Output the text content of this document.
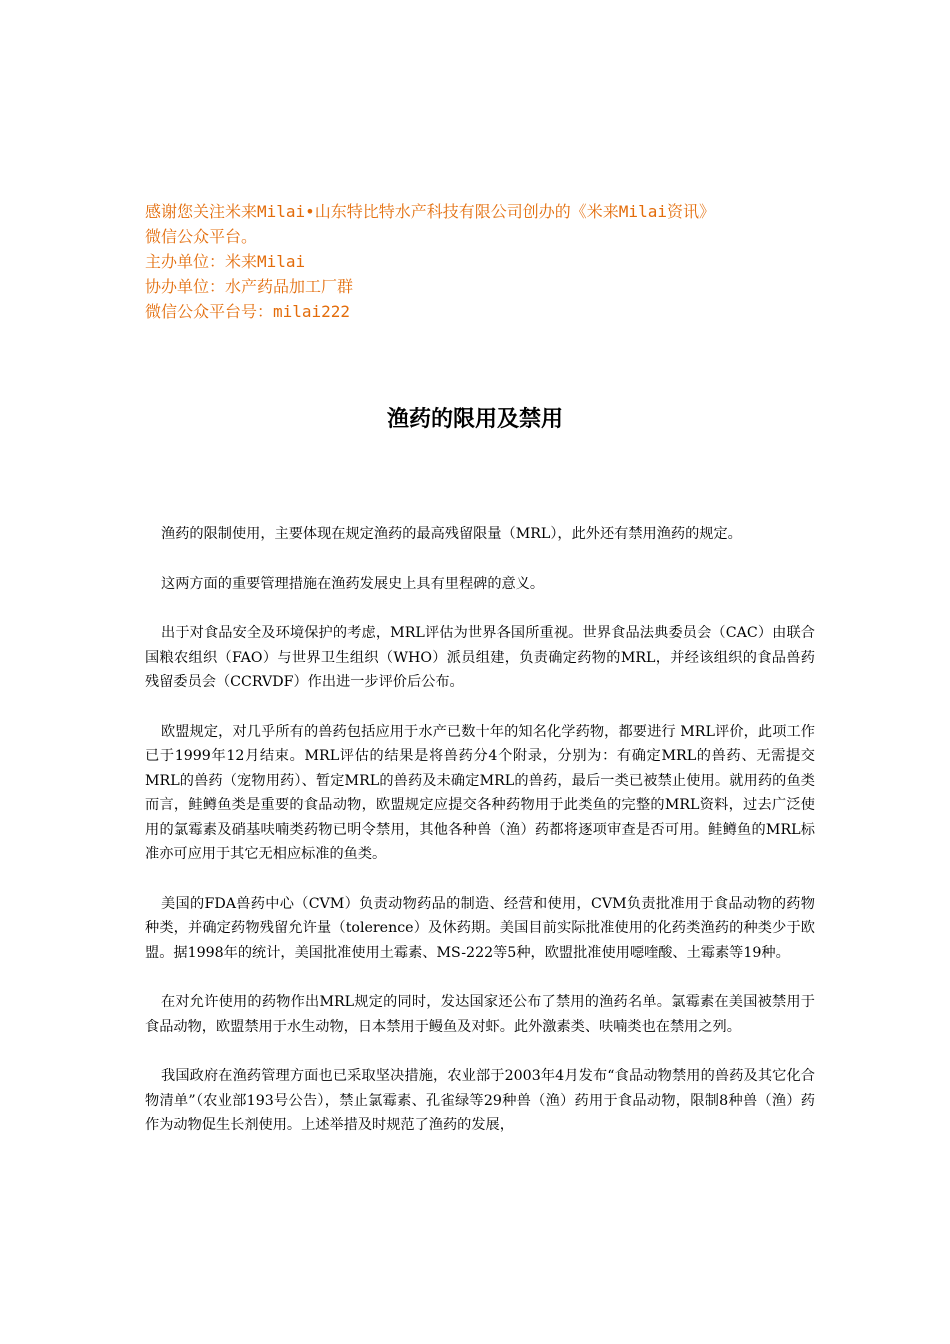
感谢您关注米来Milai•山东特比特水产科技有限公司创办的《米来Milai资讯》
微信公众平台。
主办单位：米来Milai
协办单位：水产药品加工厂群
微信公众平台号：milai222
渔药的限用及禁用

渔药的限制使用，主要体现在规定渔药的最高残留限量（MRL），此外还有禁用渔药的规定。

这两方面的重要管理措施在渔药发展史上具有里程碑的意义。

出于对食品安全及环境保护的考虑，MRL评估为世界各国所重视。世界食品法典委员会（CAC）由联合国粮农组织（FAO）与世界卫生组织（WHO）派员组建，负责确定药物的MRL，并经该组织的食品兽药残留委员会（CCRVDF）作出进一步评价后公布。

欧盟规定，对几乎所有的兽药包括应用于水产已数十年的知名化学药物，都要进行 MRL评价，此项工作已于1999年12月结束。MRL评估的结果是将兽药分4个附录，分别为：有确定MRL的兽药、无需提交MRL的兽药（宠物用药）、暂定MRL的兽药及未确定MRL的兽药，最后一类已被禁止使用。就用药的鱼类而言，鲑鳟鱼类是重要的食品动物，欧盟规定应提交各种药物用于此类鱼的完整的MRL资料，过去广泛使用的氯霉素及硝基呋喃类药物已明令禁用，其他各种兽（渔）药都将逐项审查是否可用。鲑鳟鱼的MRL标准亦可应用于其它无相应标准的鱼类。

美国的FDA兽药中心（CVM）负责动物药品的制造、经营和使用，CVM负责批准用于食品动物的药物种类，并确定药物残留允许量（tolerence）及休药期。美国目前实际批准使用的化药类渔药的种类少于欧盟。据1998年的统计，美国批准使用土霉素、MS-222等5种，欧盟批准使用噁喹酸、土霉素等19种。

在对允许使用的药物作出MRL规定的同时，发达国家还公布了禁用的渔药名单。氯霉素在美国被禁用于食品动物，欧盟禁用于水生动物，日本禁用于鳗鱼及对虾。此外激素类、呋喃类也在禁用之列。

我国政府在渔药管理方面也已采取坚决措施，农业部于2003年4月发布“食品动物禁用的兽药及其它化合物清单”（农业部193号公告），禁止氯霉素、孔雀绿等29种兽（渔）药用于食品动物，限制8种兽（渔）药作为动物促生长剂使用。上述举措及时规范了渔药的发展，
